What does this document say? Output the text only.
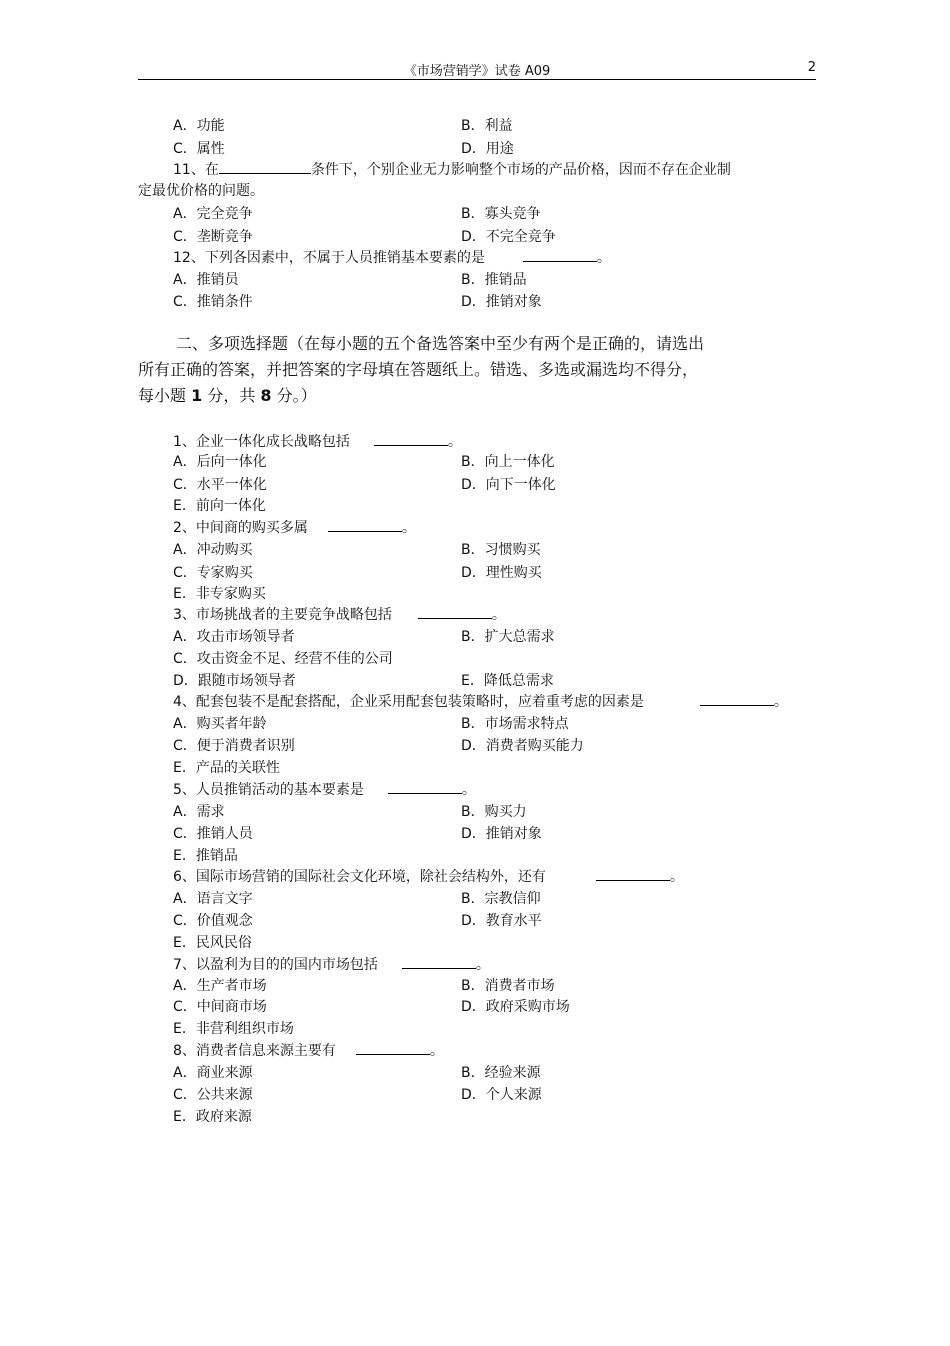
《市场营销学》试卷 A09	2
A．功能	B．利益
C．属性	D．用途
11、在	条件下，个别企业无力影响整个市场的产品价格，因而不存在企业制
定最优价格的问题。
A．完全竞争	B．寡头竞争
C．垄断竞争	D．不完全竞争
12、下列各因素中，不属于人员推销基本要素的是	。
A．推销员	B．推销品
C．推销条件	D．推销对象
二、多项选择题（在每小题的五个备选答案中至少有两个是正确的，请选出
所有正确的答案，并把答案的字母填在答题纸上。错选、多选或漏选均不得分，
每小题 1 分，共 8 分。）
1、企业一体化成长战略包括	。
A．后向一体化	B．向上一体化
C．水平一体化	D．向下一体化
E．前向一体化
2、中间商的购买多属	。
A．冲动购买	B．习惯购买
C．专家购买	D．理性购买
E．非专家购买
3、市场挑战者的主要竞争战略包括	。
A．攻击市场领导者	B．扩大总需求
C．攻击资金不足、经营不佳的公司
D．跟随市场领导者	E．降低总需求
4、配套包装不是配套搭配，企业采用配套包装策略时，应着重考虑的因素是	。
A．购买者年龄	B．市场需求特点
C．便于消费者识别	D．消费者购买能力
E．产品的关联性
5、人员推销活动的基本要素是	。
A．需求	B．购买力
C．推销人员	D．推销对象
E．推销品
6、国际市场营销的国际社会文化环境，除社会结构外，还有	。
A．语言文字	B．宗教信仰
C．价值观念	D．教育水平
E．民风民俗
7、以盈利为目的的国内市场包括	。
A．生产者市场	B．消费者市场
C．中间商市场	D．政府采购市场
E．非营利组织市场
8、消费者信息来源主要有	。
A．商业来源	B．经验来源
C．公共来源	D．个人来源
E．政府来源
